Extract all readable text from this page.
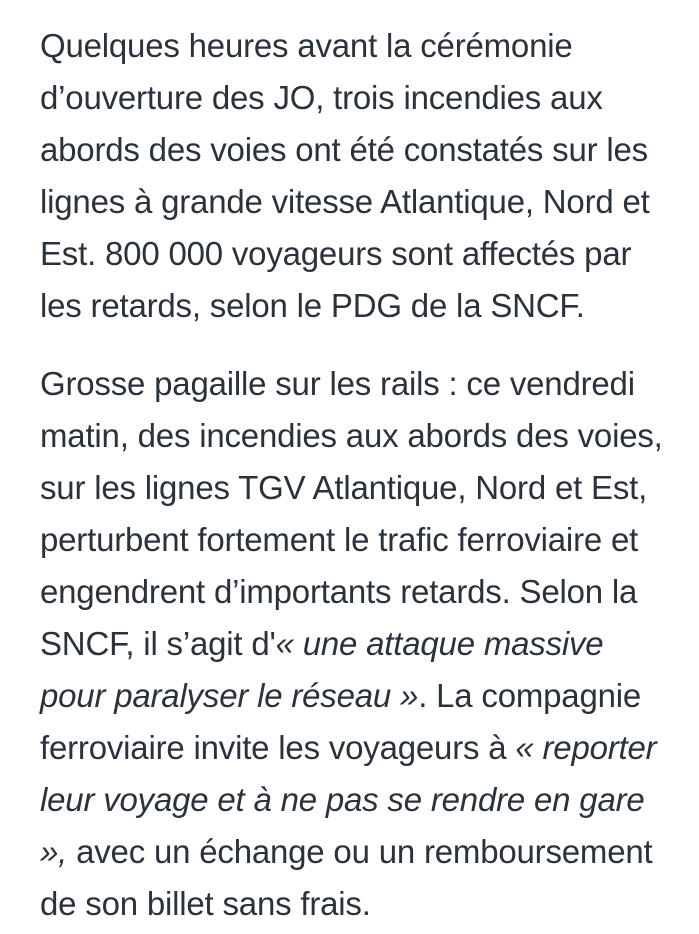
Quelques heures avant la cérémonie d’ouverture des JO, trois incendies aux abords des voies ont été constatés sur les lignes à grande vitesse Atlantique, Nord et Est. 800 000 voyageurs sont affectés par les retards, selon le PDG de la SNCF.

Grosse pagaille sur les rails : ce vendredi matin, des incendies aux abords des voies, sur les lignes TGV Atlantique, Nord et Est, perturbent fortement le trafic ferroviaire et engendrent d’importants retards. Selon la SNCF, il s’agit d'« une attaque massive pour paralyser le réseau ». La compagnie ferroviaire invite les voyageurs à « reporter leur voyage et à ne pas se rendre en gare », avec un échange ou un remboursement de son billet sans frais.
